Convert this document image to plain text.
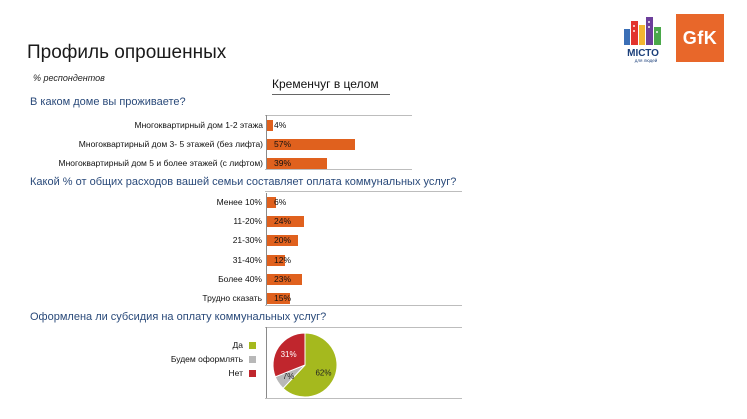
Профиль опрошенных
% респондентов	Кременчуг в целом
МІСТО
для людей
GfK
В каком доме вы проживаете?
Многоквартирный дом 1-2 этажа 4%
Многоквартирный дом 3- 5 этажей (без лифта) 57%
Многоквартирный дом 5 и более этажей (с лифтом) 39%
Какой % от общих расходов вашей семьи составляет оплата коммунальных услуг?
Менее 10% 6%
11-20% 24%
21-30% 20%
31-40% 12%
Более 40% 23%
Трудно сказать 15%
Оформлена ли субсидия на оплату коммунальных услуг?
Да
Будем оформлять
Нет	62%
7%
31%
